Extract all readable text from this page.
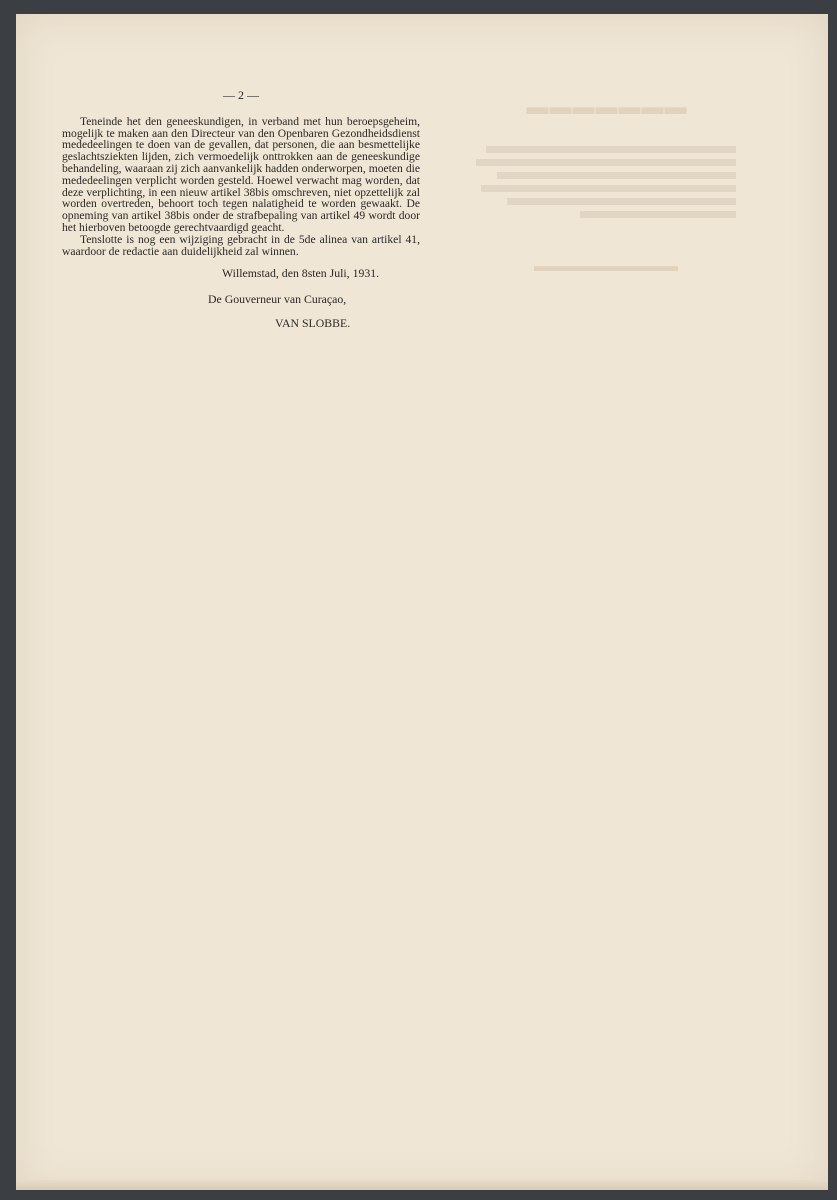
▬▬▬▬▬▬▬
▬▬▬▬▬▬▬▬▬
— 2 —

Teneinde het den geneeskundigen, in verband met hun beroepsgeheim, mogelijk te maken aan den Directeur van den Openbaren Gezondheidsdienst mededeelingen te doen van de gevallen, dat personen, die aan besmettelijke geslachtsziekten lijden, zich vermoedelijk onttrokken aan de geneeskundige behandeling, waaraan zij zich aanvankelijk hadden onderworpen, moeten die mededeelingen verplicht worden gesteld. Hoewel verwacht mag worden, dat deze verplichting, in een nieuw artikel 38bis omschreven, niet opzettelijk zal worden overtreden, behoort toch tegen nalatigheid te worden gewaakt. De opneming van artikel 38bis onder de strafbepaling van artikel 49 wordt door het hierboven betoogde gerechtvaardigd geacht.

Tenslotte is nog een wijziging gebracht in de 5de alinea van artikel 41, waardoor de redactie aan duidelijkheid zal winnen.

Willemstad, den 8sten Juli, 1931.
De Gouverneur van Curaçao,
VAN SLOBBE.
